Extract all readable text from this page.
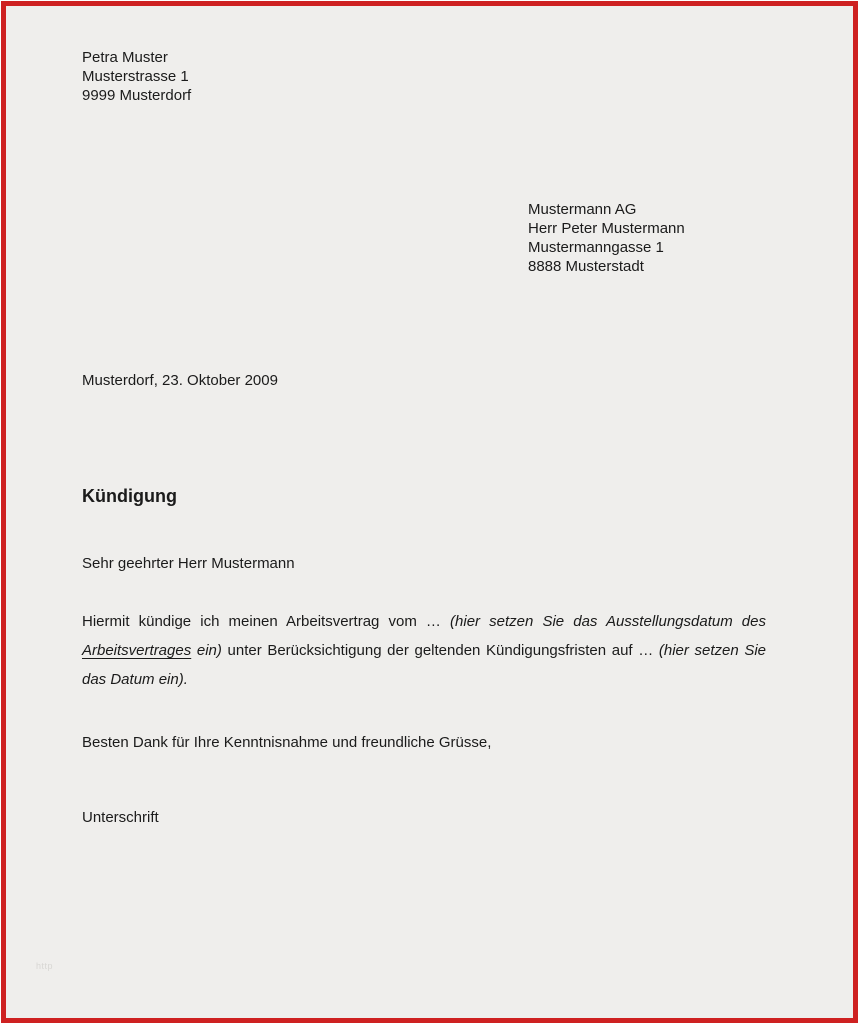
Petra Muster
Musterstrasse 1
9999 Musterdorf
Mustermann AG
Herr Peter Mustermann
Mustermanngasse 1
8888 Musterstadt
Musterdorf, 23. Oktober 2009
Kündigung
Sehr geehrter Herr Mustermann

Hiermit kündige ich meinen Arbeitsvertrag vom … (hier setzen Sie das Ausstellungsdatum des Arbeitsvertrages ein) unter Berücksichtigung der geltenden Kündigungsfristen auf … (hier setzen Sie das Datum ein).

Besten Dank für Ihre Kenntnisnahme und freundliche Grüsse,
Unterschrift
http
